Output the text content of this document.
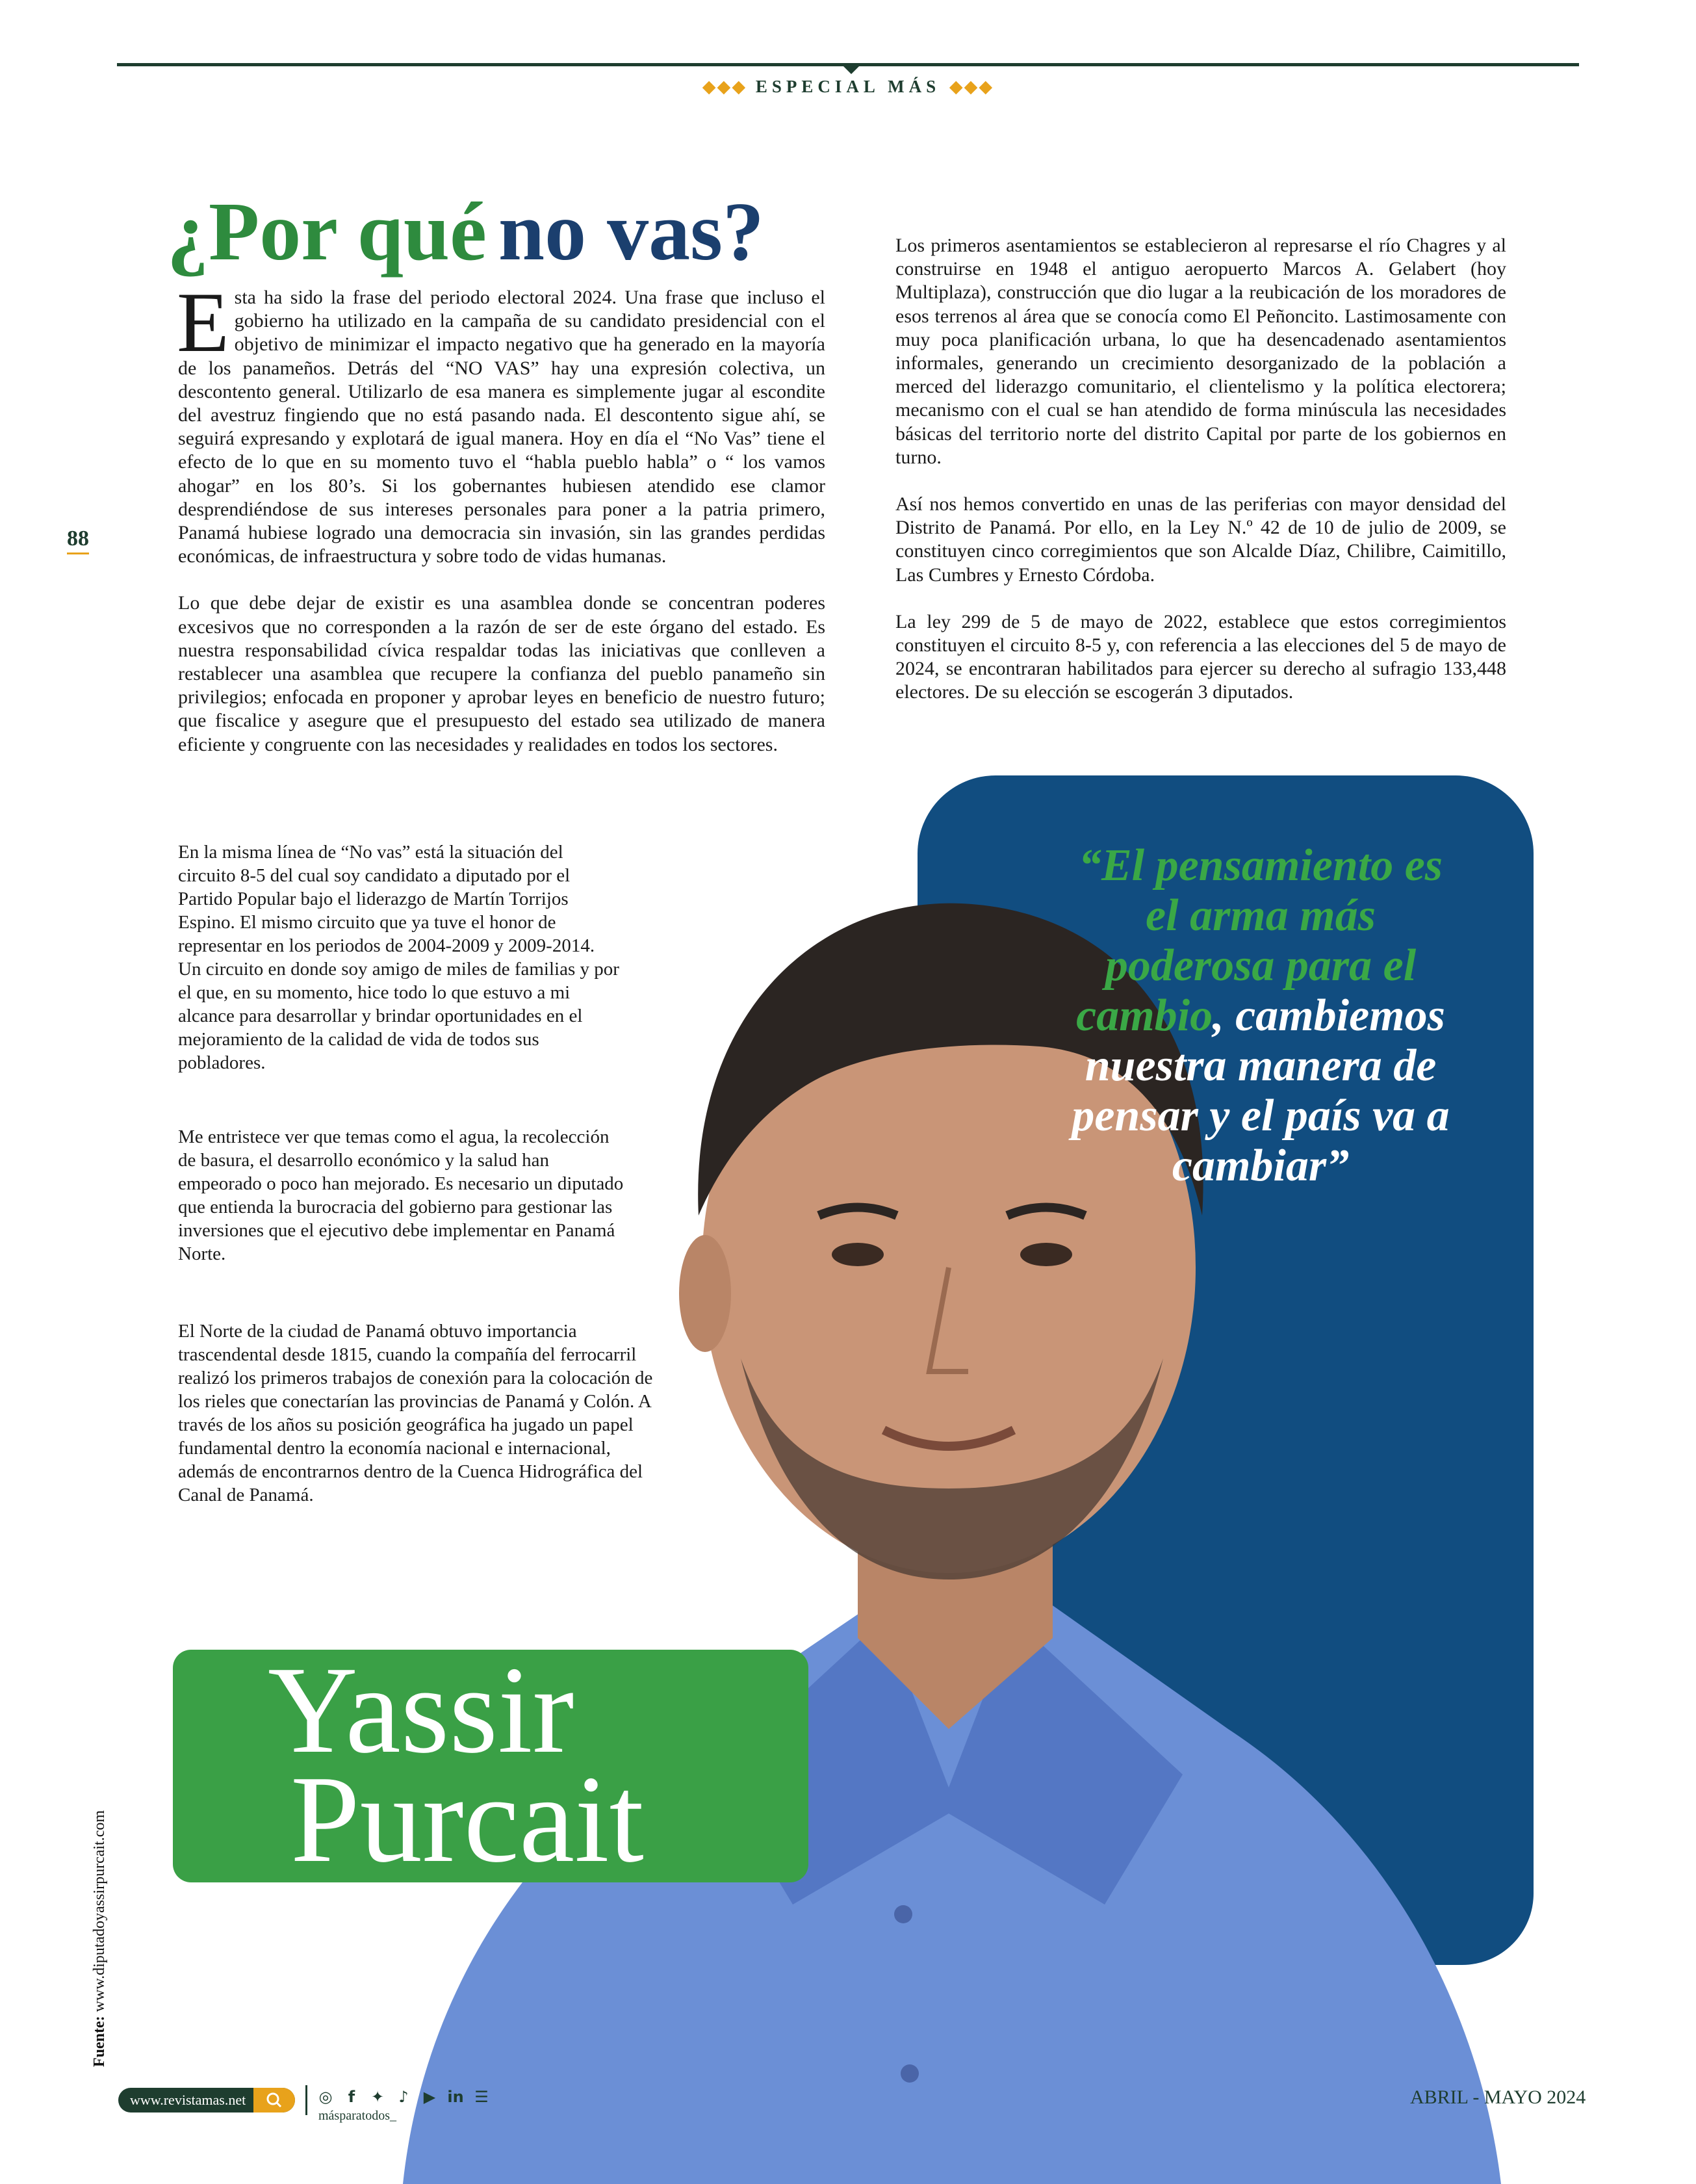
◆◆◆ ESPECIAL MÁS ◆◆◆
88
¿Por qué no vas?

Esta ha sido la frase del periodo electoral 2024. Una frase que incluso el gobierno ha utilizado en la campaña de su candidato presidencial con el objetivo de minimizar el impacto negativo que ha generado en la mayoría de los panameños. Detrás del “NO VAS” hay una expresión colectiva, un descontento general. Utilizarlo de esa manera es simplemente jugar al escondite del avestruz fingiendo que no está pasando nada. El descontento sigue ahí, se seguirá expresando y explotará de igual manera. Hoy en día el “No Vas” tiene el efecto de lo que en su momento tuvo el “habla pueblo habla” o “ los vamos ahogar” en los 80’s. Si los gobernantes hubiesen atendido ese clamor desprendiéndose de sus intereses personales para poner a la patria primero, Panamá hubiese logrado una democracia sin invasión, sin las grandes perdidas económicas, de infraestructura y sobre todo de vidas humanas.

Lo que debe dejar de existir es una asamblea donde se concentran poderes excesivos que no corresponden a la razón de ser de este órgano del estado. Es nuestra responsabilidad cívica respaldar todas las iniciativas que conlleven a restablecer una asamblea que recupere la confianza del pueblo panameño sin privilegios; enfocada en proponer y aprobar leyes en beneficio de nuestro futuro; que fiscalice y asegure que el presupuesto del estado sea utilizado de manera eficiente y congruente con las necesidades y realidades en todos los sectores.

“El pensamiento es el arma más poderosa para el cambio, cambiemos nuestra manera de pensar y el país va a cambiar”

En la misma línea de “No vas” está la situación del circuito 8-5 del cual soy candidato a diputado por el Partido Popular bajo el liderazgo de Martín Torrijos Espino. El mismo circuito que ya tuve el honor de representar en los periodos de 2004-2009 y 2009-2014. Un circuito en donde soy amigo de miles de familias y por el que, en su momento, hice todo lo que estuvo a mi alcance para desarrollar y brindar oportunidades en el mejoramiento de la calidad de vida de todos sus pobladores.

Me entristece ver que temas como el agua, la recolección de basura, el desarrollo económico y la salud han empeorado o poco han mejorado. Es necesario un diputado que entienda la burocracia del gobierno para gestionar las inversiones que el ejecutivo debe implementar en Panamá Norte.

El Norte de la ciudad de Panamá obtuvo importancia trascendental desde 1815, cuando la compañía del ferrocarril realizó los primeros trabajos de conexión para la colocación de los rieles que conectarían las provincias de Panamá y Colón. A través de los años su posición geográfica ha jugado un papel fundamental dentro la economía nacional e internacional, además de encontrarnos dentro de la Cuenca Hidrográfica del Canal de Panamá.

Los primeros asentamientos se establecieron al represarse el río Chagres y al construirse en 1948 el antiguo aeropuerto Marcos A. Gelabert (hoy Multiplaza), construcción que dio lugar a la reubicación de los moradores de esos terrenos al área que se conocía como El Peñoncito. Lastimosamente con muy poca planificación urbana, lo que ha desencadenado asentamientos informales, generando un crecimiento desorganizado de la población a merced del liderazgo comunitario, el clientelismo y la política electorera; mecanismo con el cual se han atendido de forma minúscula las necesidades básicas del territorio norte del distrito Capital por parte de los gobiernos en turno.

Así nos hemos convertido en unas de las periferias con mayor densidad del Distrito de Panamá. Por ello, en la Ley N.º 42 de 10 de julio de 2009, se constituyen cinco corregimientos que son Alcalde Díaz, Chilibre, Caimitillo, Las Cumbres y Ernesto Córdoba.

La ley 299 de 5 de mayo de 2022, establece que estos corregimientos constituyen el circuito 8-5 y, con referencia a las elecciones del 5 de mayo de 2024, se encontraran habilitados para ejercer su derecho al sufragio 133,448 electores. De su elección se escogerán 3 diputados.

Yassir
Purcait
Fuente: www.diputadoyassirpurcait.com
www.revistamas.net	◎	f	✦ ♪ ▶ in ☰
másparatodos_
ABRIL - MAYO 2024
